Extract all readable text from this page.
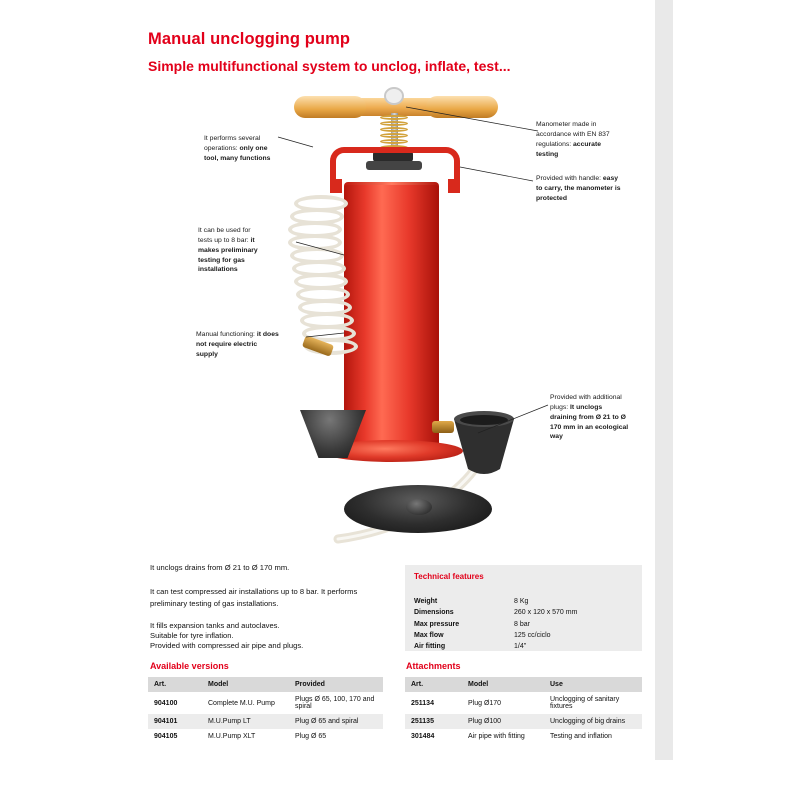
Manual unclogging pump
Simple multifunctional system to unclog, inflate, test...
It performs several operations: only one tool, many functions
Manometer made in accordance with EN 837 regulations: accurate testing
Provided with handle: easy to carry, the manometer is protected
It can be used for tests up to 8 bar: it makes preliminary testing for gas installations
Manual functioning: it does not require electric supply
Provided with additional plugs: It unclogs draining from Ø 21 to Ø 170 mm in an ecological way
It unclogs drains from Ø 21 to Ø 170 mm.
It can test compressed air installations up to 8 bar. It performs preliminary testing of gas installations.
It fills expansion tanks and autoclaves.
Suitable for tyre inflation.
Provided with compressed air pipe and plugs.
Technical features
Weight	8 Kg
Dimensions	260 x 120 x 570 mm
Max pressure	8 bar
Max flow	125 cc/ciclo
Air fitting	1/4”
Available versions
Art.	Model	Provided
904100	Complete M.U. Pump	Plugs Ø 65, 100, 170 and spiral
904101	M.U.Pump LT	Plug Ø 65 and spiral
904105	M.U.Pump XLT	Plug Ø 65
Attachments
Art.	Model	Use
251134	Plug Ø170	Unclogging of sanitary fixtures
251135	Plug Ø100	Unclogging of big drains
301484	Air pipe with fitting	Testing and inflation
